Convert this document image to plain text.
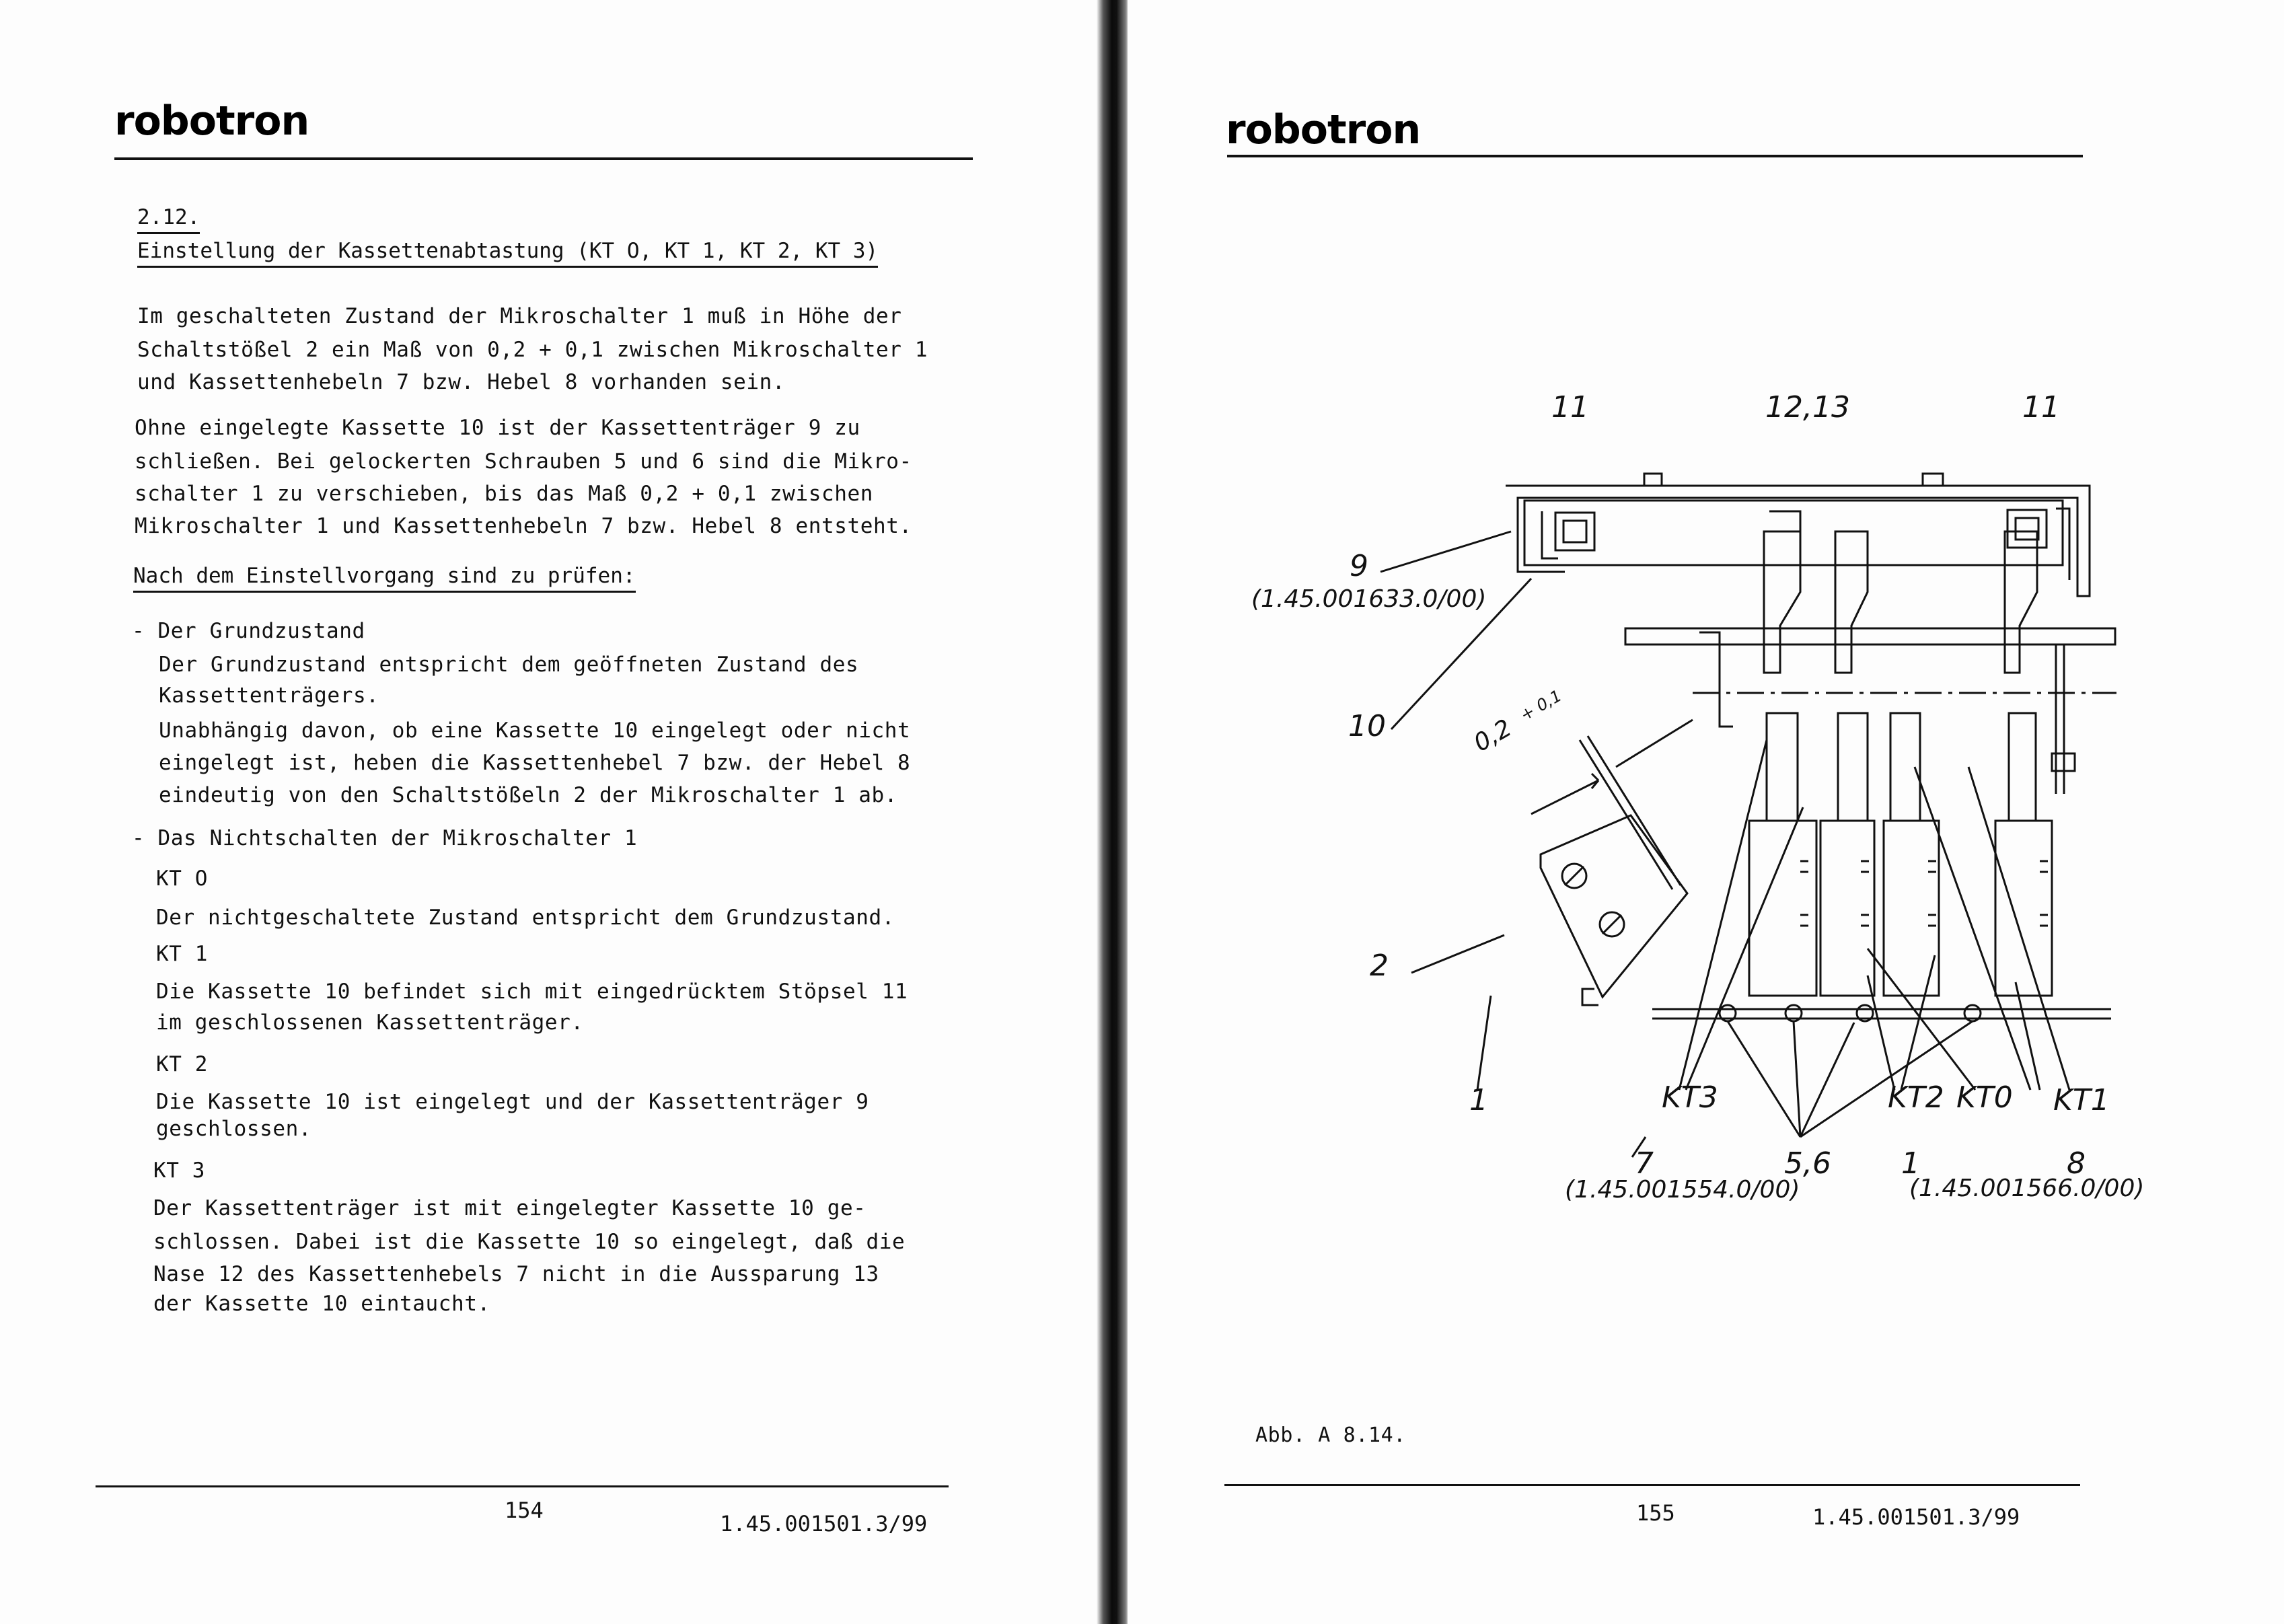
robotron
2.12.
Einstellung der Kassettenabtastung (KT O, KT 1, KT 2, KT 3)
Im geschalteten Zustand der Mikroschalter 1 muß in Höhe der
Schaltstößel 2 ein Maß von 0,2 + 0,1 zwischen Mikroschalter 1
und Kassettenhebeln 7 bzw. Hebel 8 vorhanden sein.
Ohne eingelegte Kassette 10 ist der Kassettenträger 9 zu
schließen. Bei gelockerten Schrauben 5 und 6 sind die Mikro-
schalter 1 zu verschieben, bis das Maß 0,2 + 0,1 zwischen
Mikroschalter 1 und Kassettenhebeln 7 bzw. Hebel 8 entsteht.
Nach dem Einstellvorgang sind zu prüfen:
- Der Grundzustand
Der Grundzustand entspricht dem geöffneten Zustand des
Kassettenträgers.
Unabhängig davon, ob eine Kassette 10 eingelegt oder nicht
eingelegt ist, heben die Kassettenhebel 7 bzw. der Hebel 8
eindeutig von den Schaltstößeln 2 der Mikroschalter 1 ab.
- Das Nichtschalten der Mikroschalter 1
KT O
Der nichtgeschaltete Zustand entspricht dem Grundzustand.
KT 1
Die Kassette 10 befindet sich mit eingedrücktem Stöpsel 11
im geschlossenen Kassettenträger.
KT 2
Die Kassette 10 ist eingelegt und der Kassettenträger 9
geschlossen.
KT 3
Der Kassettenträger ist mit eingelegter Kassette 10 ge-
schlossen. Dabei ist die Kassette 10 so eingelegt, daß die
Nase 12 des Kassettenhebels 7 nicht in die Aussparung 13
der Kassette 10 eintaucht.
154
1.45.001501.3/99
robotron
11	12,13	11
9
(1.45.001633.0/00)
10	0,2
+ 0,1
2
1	KT3	KT2 KT0 KT1
7
(1.45.001554.0/00)
5,6 1	8
(1.45.001566.0/00)
Abb. A 8.14.
155	1.45.001501.3/99
